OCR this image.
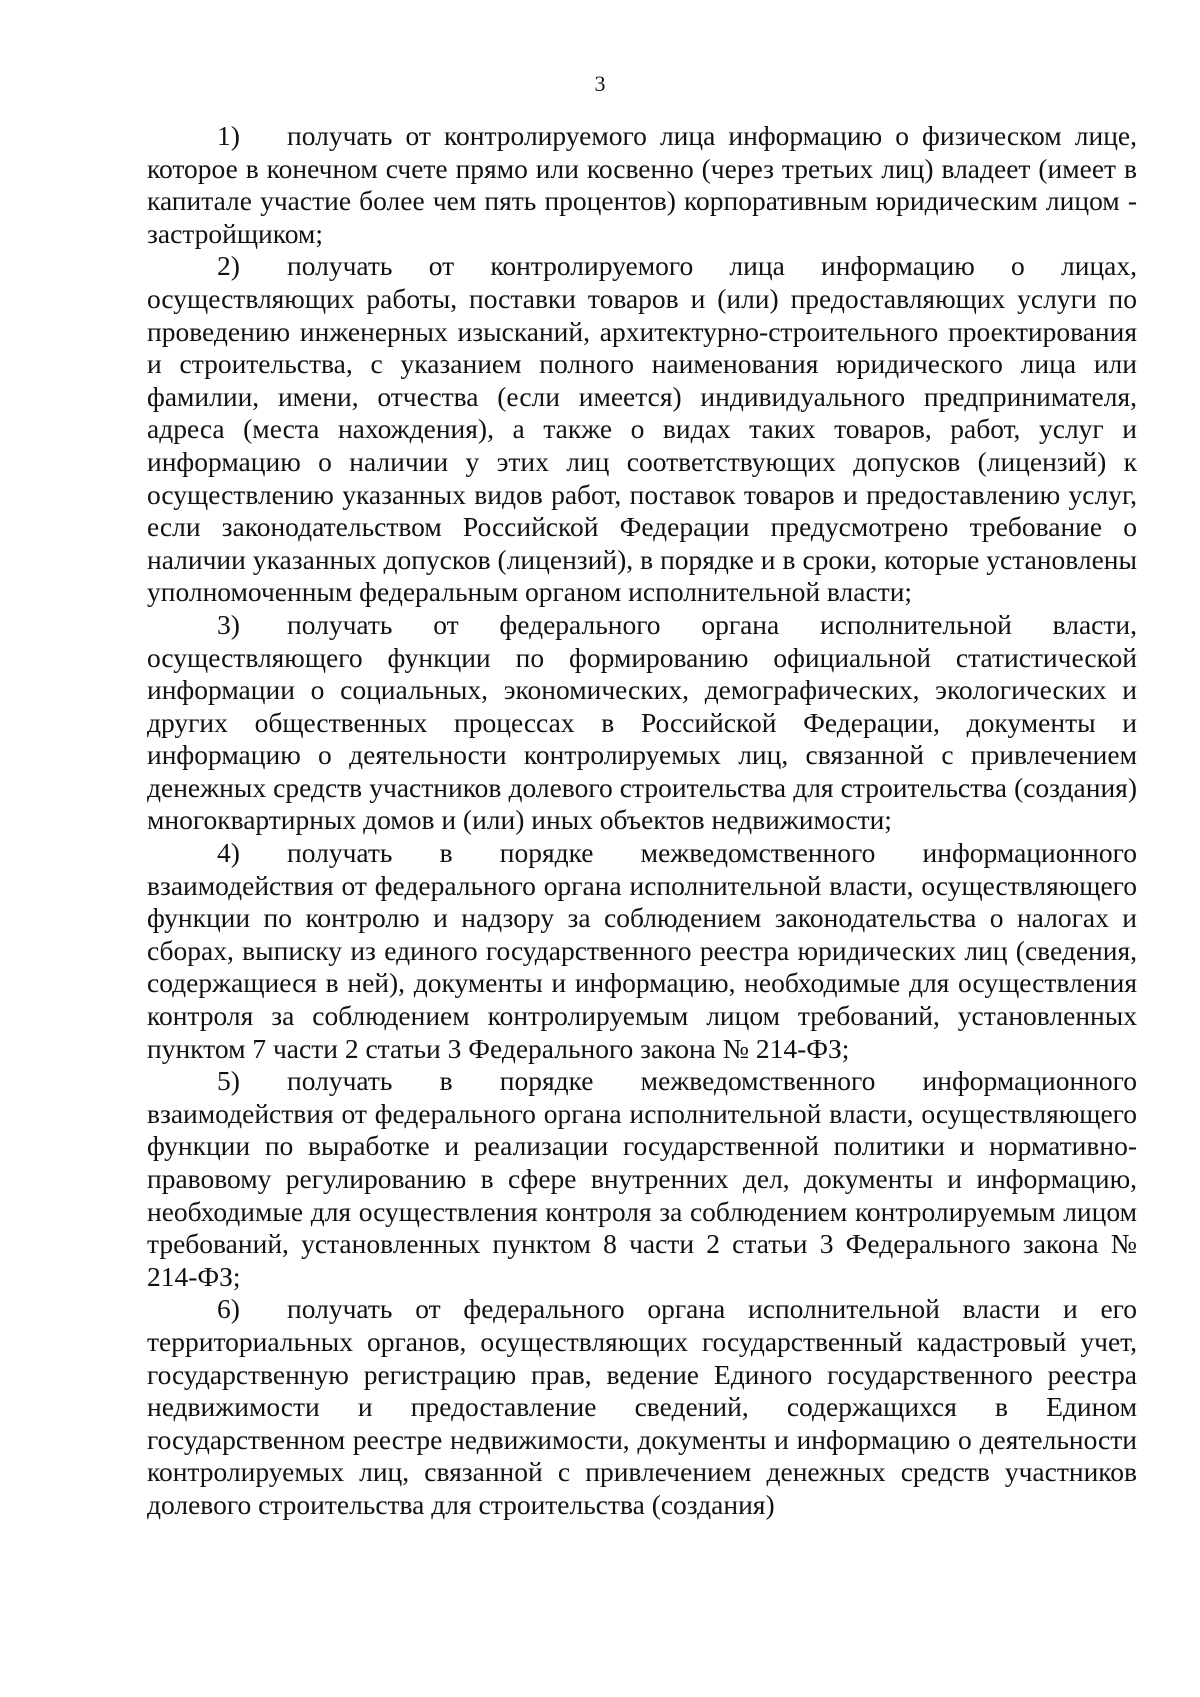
3

1) получать от контролируемого лица информацию о физическом лице, которое в конечном счете прямо или косвенно (через третьих лиц) владеет (имеет в капитале участие более чем пять процентов) корпоративным юридическим лицом - застройщиком;

2) получать от контролируемого лица информацию о лицах, осуществляющих работы, поставки товаров и (или) предоставляющих услуги по проведению инженерных изысканий, архитектурно-строительного проектирования и строительства, с указанием полного наименования юридического лица или фамилии, имени, отчества (если имеется) индивидуального предпринимателя, адреса (места нахождения), а также о видах таких товаров, работ, услуг и информацию о наличии у этих лиц соответствующих допусков (лицензий) к осуществлению указанных видов работ, поставок товаров и предоставлению услуг, если законодательством Российской Федерации предусмотрено требование о наличии указанных допусков (лицензий), в порядке и в сроки, которые установлены уполномоченным федеральным органом исполнительной власти;

3) получать от федерального органа исполнительной власти, осуществляющего функции по формированию официальной статистической информации о социальных, экономических, демографических, экологических и других общественных процессах в Российской Федерации, документы и информацию о деятельности контролируемых лиц, связанной с привлечением денежных средств участников долевого строительства для строительства (создания) многоквартирных домов и (или) иных объектов недвижимости;

4) получать в порядке межведомственного информационного взаимодействия от федерального органа исполнительной власти, осуществляющего функции по контролю и надзору за соблюдением законодательства о налогах и сборах, выписку из единого государственного реестра юридических лиц (сведения, содержащиеся в ней), документы и информацию, необходимые для осуществления контроля за соблюдением контролируемым лицом требований, установленных пунктом 7 части 2 статьи 3 Федерального закона № 214-ФЗ;

5) получать в порядке межведомственного информационного взаимодействия от федерального органа исполнительной власти, осуществляющего функции по выработке и реализации государственной политики и нормативно-правовому регулированию в сфере внутренних дел, документы и информацию, необходимые для осуществления контроля за соблюдением контролируемым лицом требований, установленных пунктом 8 части 2 статьи 3 Федерального закона № 214-ФЗ;

6) получать от федерального органа исполнительной власти и его территориальных органов, осуществляющих государственный кадастровый учет, государственную регистрацию прав, ведение Единого государственного реестра недвижимости и предоставление сведений, содержащихся в Едином государственном реестре недвижимости, документы и информацию о деятельности контролируемых лиц, связанной с привлечением денежных средств участников долевого строительства для строительства (создания)
